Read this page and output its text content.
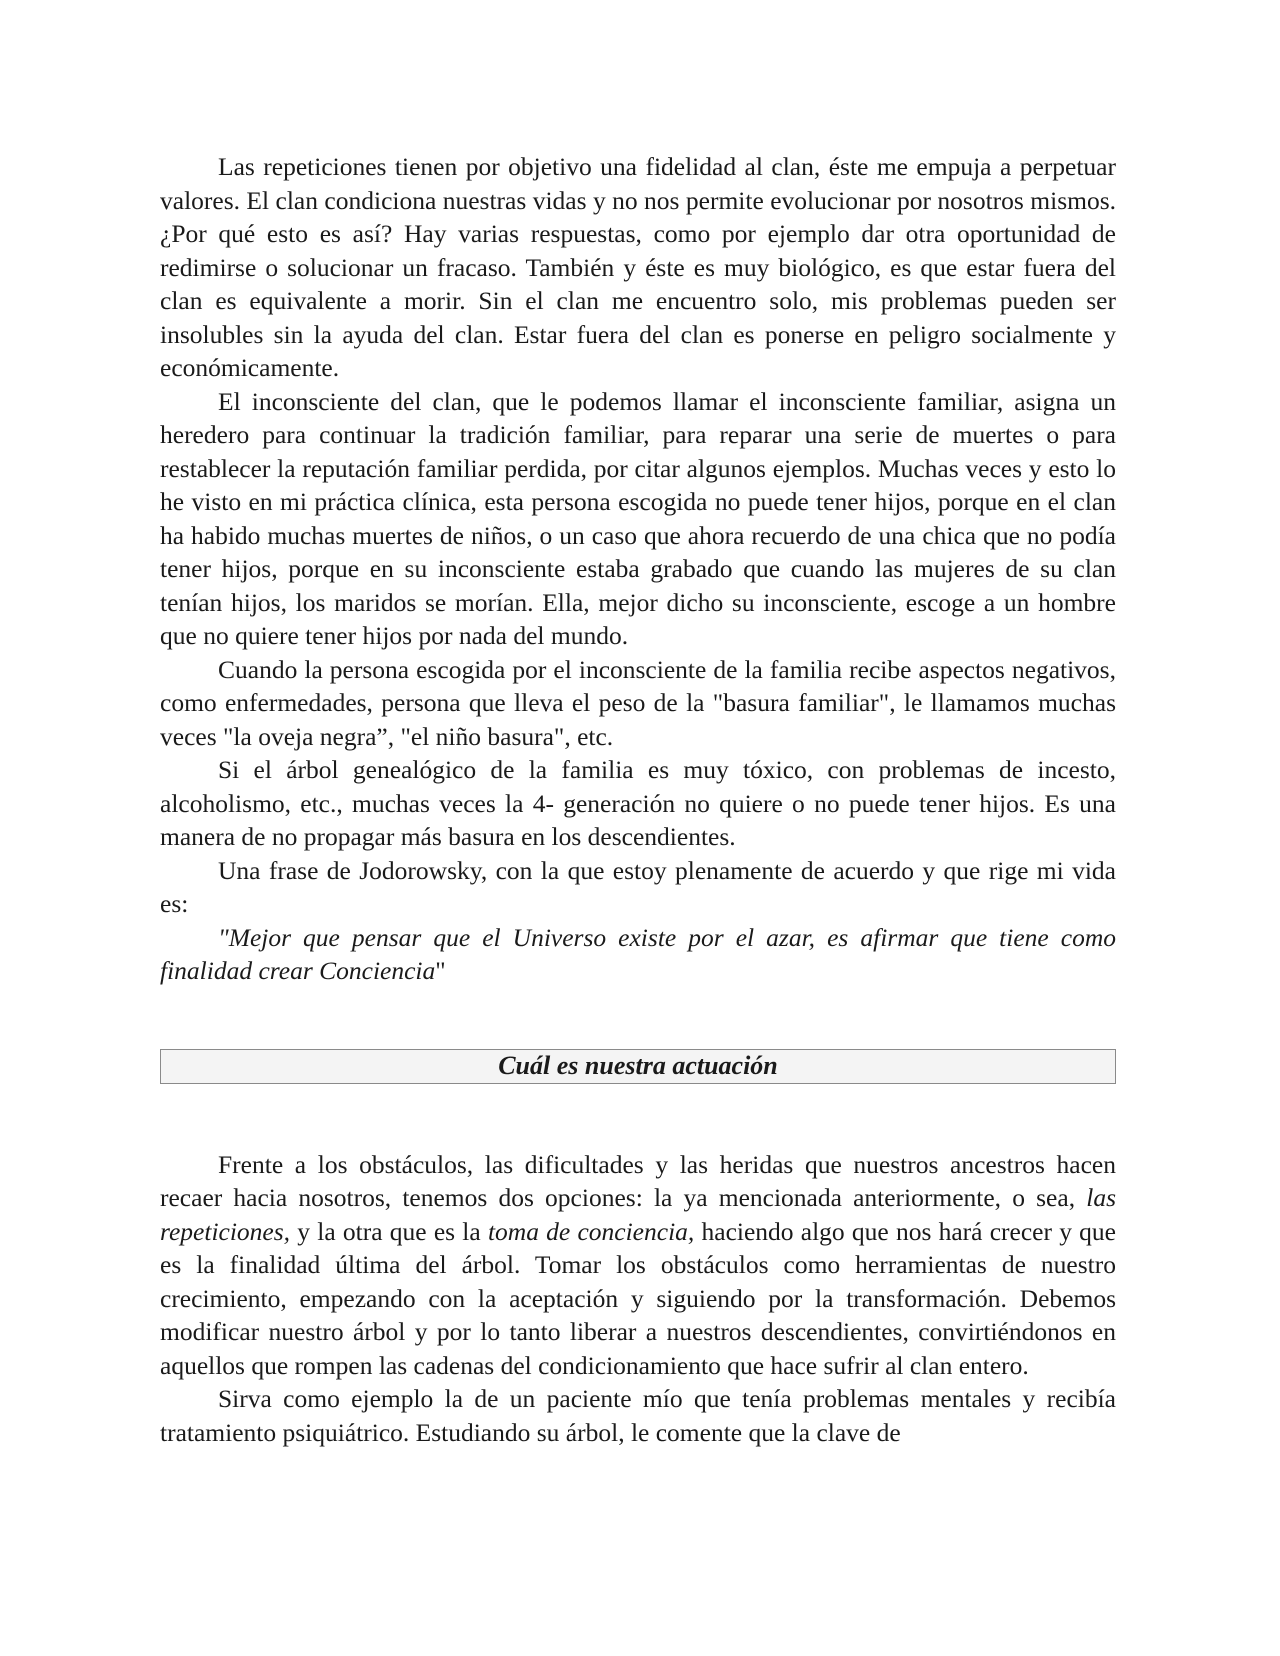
Las repeticiones tienen por objetivo una fidelidad al clan, éste me empuja a perpetuar valores. El clan condiciona nuestras vidas y no nos permite evolucionar por nosotros mismos. ¿Por qué esto es así? Hay varias respuestas, como por ejemplo dar otra oportunidad de redimirse o solucionar un fracaso. También y éste es muy biológico, es que estar fuera del clan es equivalente a morir. Sin el clan me encuentro solo, mis problemas pueden ser insolubles sin la ayuda del clan. Estar fuera del clan es ponerse en peligro socialmente y económicamente.

El inconsciente del clan, que le podemos llamar el inconsciente familiar, asigna un heredero para continuar la tradición familiar, para reparar una serie de muertes o para restablecer la reputación familiar perdida, por citar algunos ejemplos. Muchas veces y esto lo he visto en mi práctica clínica, esta persona escogida no puede tener hijos, porque en el clan ha habido muchas muertes de niños, o un caso que ahora recuerdo de una chica que no podía tener hijos, porque en su inconsciente estaba grabado que cuando las mujeres de su clan tenían hijos, los maridos se morían. Ella, mejor dicho su inconsciente, escoge a un hombre que no quiere tener hijos por nada del mundo.

Cuando la persona escogida por el inconsciente de la familia recibe aspectos negativos, como enfermedades, persona que lleva el peso de la "basura familiar", le llamamos muchas veces "la oveja negra”, "el niño basura", etc.

Si el árbol genealógico de la familia es muy tóxico, con problemas de incesto, alcoholismo, etc., muchas veces la 4- generación no quiere o no puede tener hijos. Es una manera de no propagar más basura en los descendientes.

Una frase de Jodorowsky, con la que estoy plenamente de acuerdo y que rige mi vida es:

"Mejor que pensar que el Universo existe por el azar, es afirmar que tiene como finalidad crear Conciencia"

Cuál es nuestra actuación

Frente a los obstáculos, las dificultades y las heridas que nuestros ancestros hacen recaer hacia nosotros, tenemos dos opciones: la ya mencionada anteriormente, o sea, las repeticiones, y la otra que es la toma de conciencia, haciendo algo que nos hará crecer y que es la finalidad última del árbol. Tomar los obstáculos como herramientas de nuestro crecimiento, empezando con la aceptación y siguiendo por la transformación. Debemos modificar nuestro árbol y por lo tanto liberar a nuestros descendientes, convirtiéndonos en aquellos que rompen las cadenas del condicionamiento que hace sufrir al clan entero.

Sirva como ejemplo la de un paciente mío que tenía problemas mentales y recibía tratamiento psiquiátrico. Estudiando su árbol, le comente que la clave de
